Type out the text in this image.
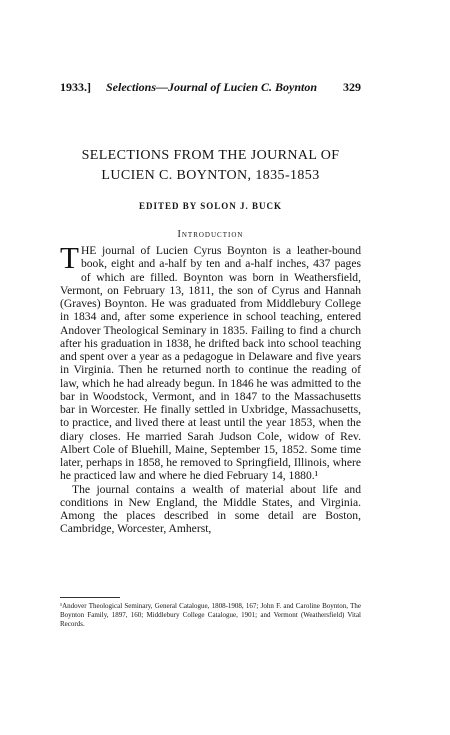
1933.] Selections—Journal of Lucien C. Boynton 329
SELECTIONS FROM THE JOURNAL OF LUCIEN C. BOYNTON, 1835-1853
EDITED BY SOLON J. BUCK
Introduction

THE journal of Lucien Cyrus Boynton is a leather-bound book, eight and a-half by ten and a-half inches, 437 pages of which are filled. Boynton was born in Weathersfield, Vermont, on February 13, 1811, the son of Cyrus and Hannah (Graves) Boynton. He was graduated from Middlebury College in 1834 and, after some experience in school teaching, entered Andover Theological Seminary in 1835. Failing to find a church after his graduation in 1838, he drifted back into school teaching and spent over a year as a pedagogue in Delaware and five years in Virginia. Then he returned north to continue the reading of law, which he had already begun. In 1846 he was admitted to the bar in Woodstock, Vermont, and in 1847 to the Massachusetts bar in Worcester. He finally settled in Uxbridge, Massachusetts, to practice, and lived there at least until the year 1853, when the diary closes. He married Sarah Judson Cole, widow of Rev. Albert Cole of Bluehill, Maine, September 15, 1852. Some time later, perhaps in 1858, he removed to Springfield, Illinois, where he practiced law and where he died February 14, 1880.¹

The journal contains a wealth of material about life and conditions in New England, the Middle States, and Virginia. Among the places described in some detail are Boston, Cambridge, Worcester, Amherst,

¹Andover Theological Seminary, General Catalogue, 1808-1908, 167; John F. and Caroline Boynton, The Boynton Family, 1897, 160; Middlebury College Catalogue, 1901; and Vermont (Weathersfield) Vital Records.
